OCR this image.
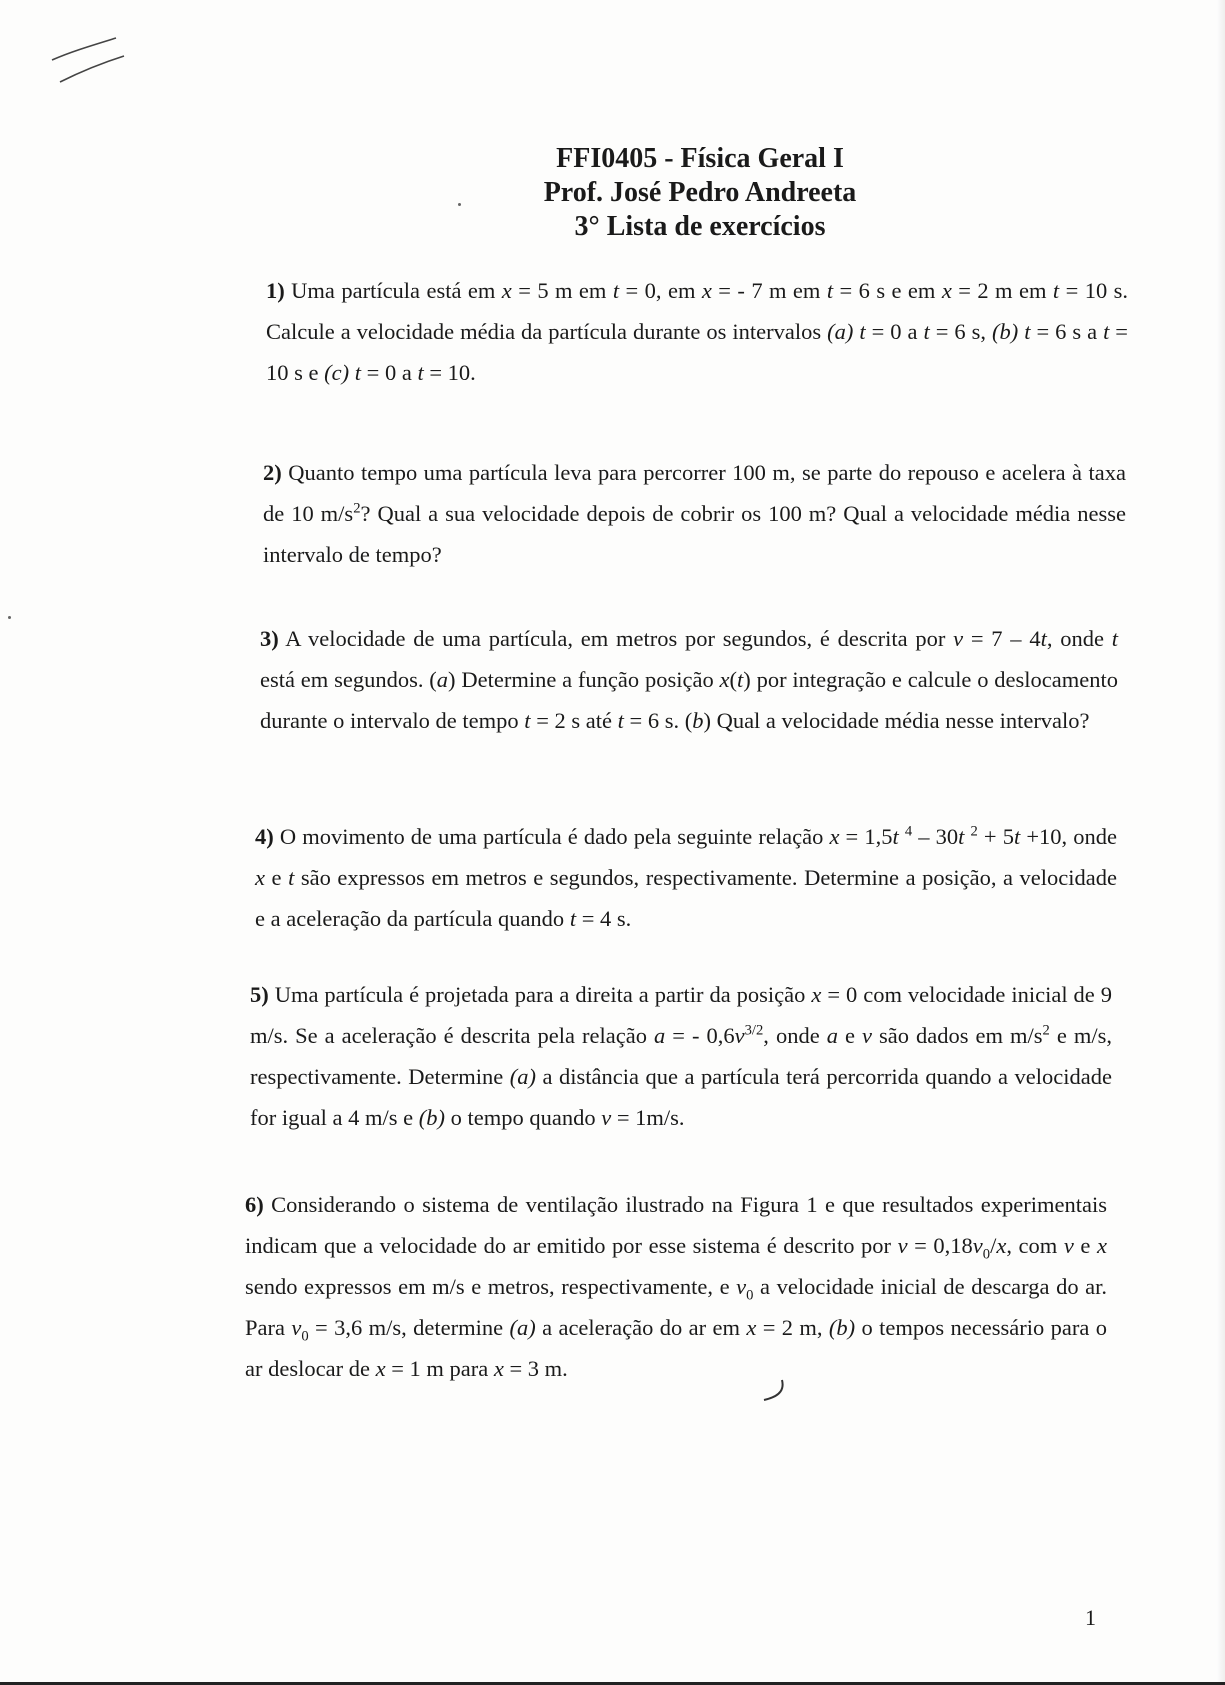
FFI0405 - Física Geral I
Prof. José Pedro Andreeta
3° Lista de exercícios
1) Uma partícula está em x = 5 m em t = 0, em x = - 7 m em t = 6 s e em x = 2 m em t = 10 s. Calcule a velocidade média da partícula durante os intervalos (a) t = 0 a t = 6 s, (b) t = 6 s a t = 10 s e (c) t = 0 a t = 10.
2) Quanto tempo uma partícula leva para percorrer 100 m, se parte do repouso e acelera à taxa de 10 $m/s^2$? Qual a sua velocidade depois de cobrir os 100 m? Qual a velocidade média nesse intervalo de tempo?
3) A velocidade de uma partícula, em metros por segundos, é descrita por v = 7 – 4t, onde t está em segundos. (a) Determine a função posição x(t) por integração e calcule o deslocamento durante o intervalo de tempo t = 2 s até t = 6 s. (b) Qual a velocidade média nesse intervalo?
4) O movimento de uma partícula é dado pela seguinte relação x = 1,5t $^4$ – 30t $^2$ + 5t +10, onde x e t são expressos em metros e segundos, respectivamente. Determine a posição, a velocidade e a aceleração da partícula quando t = 4 s.
5) Uma partícula é projetada para a direita a partir da posição x = 0 com velocidade inicial de 9 m/s. Se a aceleração é descrita pela relação a = - $0,6v^{3/2}$, onde a e v são dados em $m/s^2$ e m/s, respectivamente. Determine (a) a distância que a partícula terá percorrida quando a velocidade for igual a 4 m/s e (b) o tempo quando v = 1m/s.
6) Considerando o sistema de ventilação ilustrado na Figura 1 e que resultados experimentais indicam que a velocidade do ar emitido por esse sistema é descrito por $v = 0,18v_0/x$, com v e x sendo expressos em m/s e metros, respectivamente, e $v_0$ a velocidade inicial de descarga do ar. Para $v_0 = 3,6$ m/s, determine (a) a aceleração do ar em x = 2 m, (b) o tempos necessário para o ar deslocar de x = 1 m para x = 3 m.
1
